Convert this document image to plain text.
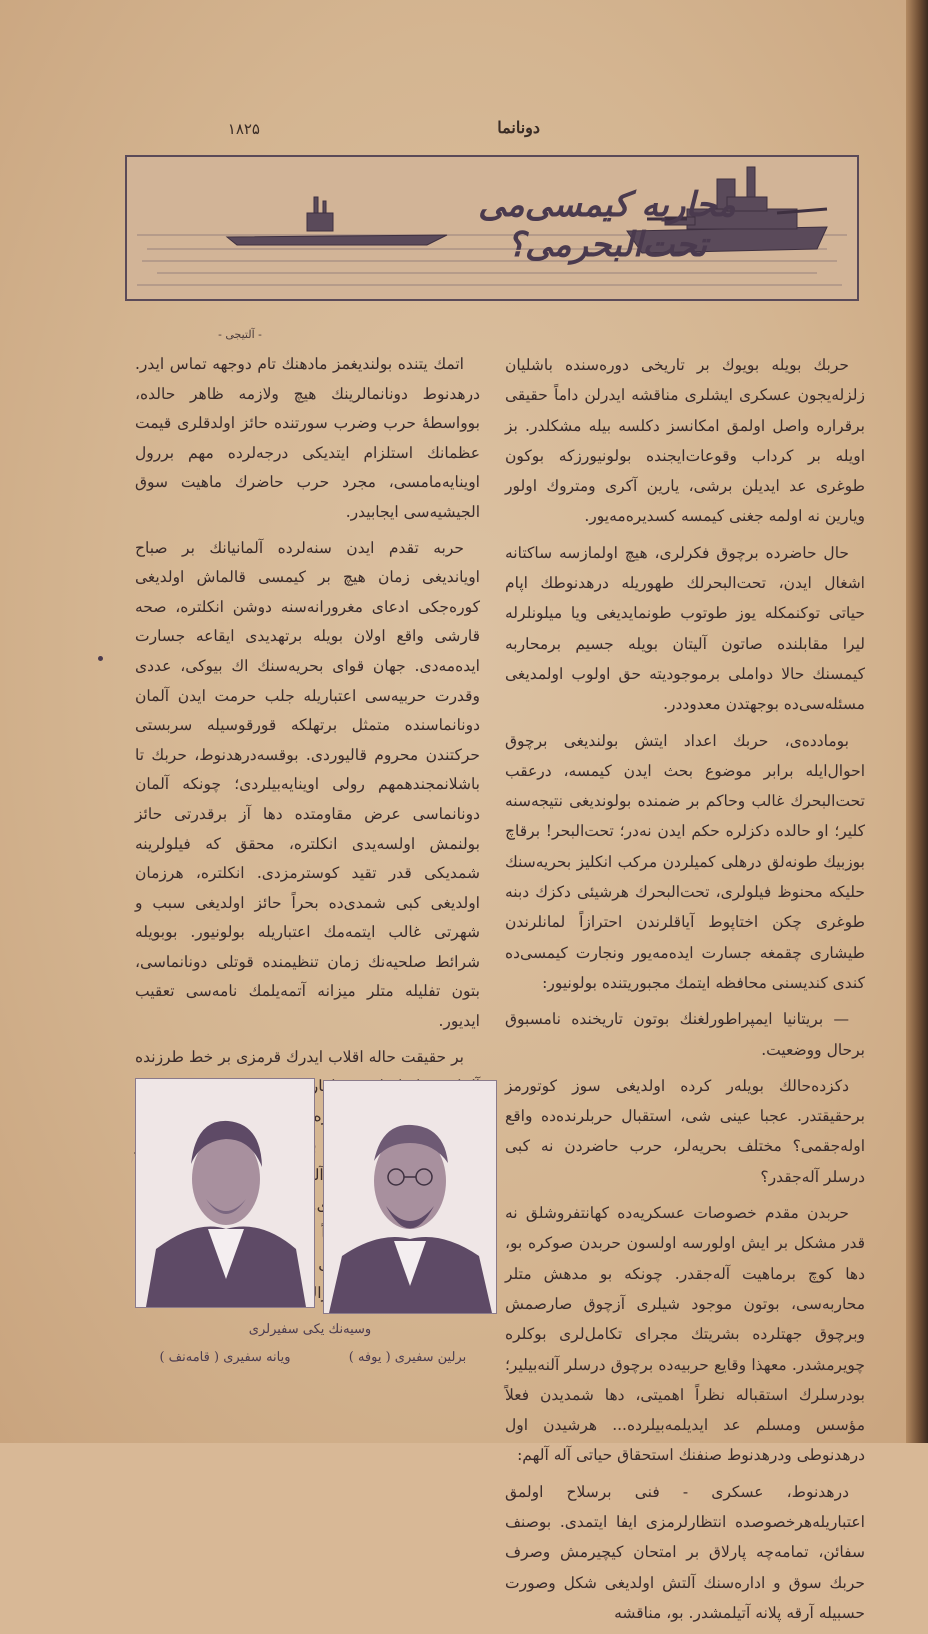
دونانما
۱۸۲۵
محاربه کیمسی‌می تحت‌البحرمی؟
- آلتیجی -

حربك بويله بويوك بر تاريخی دوره‌سنده باشليان زلزله‌يجون عسكری ايشلری مناقشه ايدرلن داماً حقيقی برقراره واصل اولمق امكانسز دكلسه بيله مشكلدر. بز اويله بر كرداب وقوعات‌ايجنده بولونيورزكه بوكون طوغری عد ايديلن برشی، يارين آكری ومتروك اولور ويارين نه اولمه جغنی كيمسه كسديره‌مه‌يور.

حال حاضرده برچوق فكرلری، هيچ اولمازسه ساكتانه اشغال ايدن، تحت‌البحرلك طهوريله درهدنوطك اپام حياتی توكنمكله يوز طوتوب طونمايديغی ويا ميلونلرله ليرا مقابلنده صاتون آليتان بويله جسيم برمحاربه كيمسنك حالا دواملی برموجوديته حق اولوب اولمديغی مسئله‌سی‌ده بوجهتدن معدوددر.

بومادده‌ی، حربك اعداد ايتش بولنديغی برچوق احوال‌ايله برابر موضوع بحث ايدن كيمسه، درعقب تحت‌البحرك غالب وحاكم بر ضمنده بولونديغی نتيجه‌سنه كلير؛ او حالده دكزلره حكم ايدن نه‌در؛ تحت‌البحر! برقاچ بوزبيك طونه‌لق درهلی كميلردن مركب انكليز بحريه‌سنك حليكه محنوظ فيلولری، تحت‌البحرك هرشيئی دكزك دبنه طوغری چكن اختاپوط آياقلرندن احترازاً لمانلرندن طيشاری چقمغه جسارت ايده‌مه‌يور ونجارت كيمسی‌ده كندی كنديسنی محافظه ايتمك مجبوريتنده بولونيور:

— بريتانيا ايمپراطورلغنك بوتون تاريخنده نامسبوق برحال ووضعيت.

دكزده‌حالك بويله‌ر كرده اولديغی سوز كوتورمز برحقيقتدر. عجبا عينی شی، استقبال حربلرنده‌ده واقع اوله‌جقمی؟ مختلف بحريه‌لر، حرب حاضردن نه كبی درسلر آله‌جقدر؟

حربدن مقدم خصوصات عسكريه‌ده كهانتفروشلق نه قدر مشكل بر ايش اولورسه اولسون حربدن صوكره بو، دها كوچ برماهيت آله‌جقدر. چونكه بو مدهش متلر محاربه‌سی، بوتون موجود شيلری آزچوق صارصمش وبرچوق جهتلرده بشريتك مجرای تكامل‌لری بوكلره چويرمشدر. معهذا وقايع حربيه‌ده برچوق درسلر آلنه‌بيلير؛ بودرسلرك استقباله نظراً اهميتی، دها شمديدن فعلاً مؤسس ومسلم عد ايديلمه‌بيلرده... هرشيدن اول درهدنوطی ودرهدنوط صنفنك استحقاق حياتی آله آلهم:

درهدنوط، عسكری - فنی برسلاح اولمق اعتباريله‌هرخصوصده انتظارلرمزی ايفا ايتمدی. بوصنف سفائن، تمامه‌چه پارلاق بر امتحان كيچيرمش وصرف حربك سوق و اداره‌سنك آلتش اولديغی شكل وصورت حسبيله آرقه پلانه آتيلمشدر. بو، مناقشه

اتمك يتنده بولنديغمز مادهنك تام دوجهه تماس ايدر. درهدنوط دونانمالرينك هيچ ولازمه ظاهر حالده، بوواسطهٔ حرب وضرب سورتنده حائز اولدقلری قيمت عظمانك استلزام ايتديكی درجه‌لرده مهم بررول اوينايه‌مامسی، مجرد حرب حاضرك ماهيت سوق الجيشيه‌سی ايجابيدر.

حربه تقدم ايدن سنه‌لرده آلمانيانك بر صباح اويانديغی زمان هيچ بر كيمسی قالماش اولديغی كوره‌جكی ادعای مغرورانه‌سنه دوشن انكلتره، صحه قارشی واقع اولان بويله برتهديدی ايقاعه جسارت ايده‌مه‌دی. جهان قوای بحريه‌سنك اك بيوكی، عددی وقدرت حربيه‌سی اعتباريله جلب حرمت ايدن آلمان دونانماسنده متمثل برتهلكه قورقوسيله سربستی حركتندن محروم قاليوردی. بوقسه‌درهدنوط، حربك تا باشلانمجندهمهم رولی اوينايه‌بيلردی؛ چونكه آلمان دونانماسی عرض مقاومتده دها آز برقدرتی حائز بولنمش اولسه‌يدی انكلتره، محقق كه فيلولرينه شمديكی قدر تقيد كوسترمزدی. انكلتره، هرزمان اولديغی كبی شمدی‌ده بحراً حائز اولديغی سبب و شهرتی غالب ايتمه‌مك اعتباريله بولونيور. بوبويله شرائط صلحيه‌نك زمان تنظيمنده قوتلی دونانماسی، بتون تفليله متلر ميزانه آتمه‌يلمك نامه‌سی تعقيب ايديور.

بر حقيقت حاله اقلاب ايدرك قرمزی بر خط طرزنده

وسيه‌نك يكی سفيرلری
ويانه سفيری ( قامه‌نف )	برلين سفيری ( يوفه )
